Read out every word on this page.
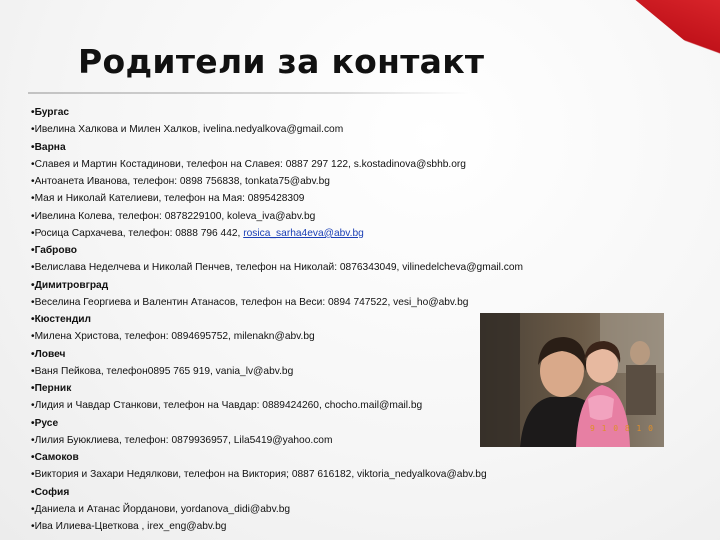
Родители за контакт
•Бургас
•Ивелина Халкова и Милен Халков, ivelina.nedyalkova@gmail.com
•Варна
•Славея и Мартин Костадинови, телефон на Славея: 0887 297 122, s.kostadinova@sbhb.org
•Антоанета Иванова, телефон: 0898 756838, tonkata75@abv.bg
•Мая и Николай Кателиеви, телефон на Мая: 0895428309
•Ивелина Колева, телефон: 0878229100, koleva_iva@abv.bg
•Росица Сархачева, телефон: 0888 796 442, rosica_sarha4eva@abv.bg
•Габрово
•Велислава Неделчева и Николай Пенчев, телефон на Николай: 0876343049, vilinedelcheva@gmail.com
•Димитровград
•Веселина Георгиева и Валентин Атанасов, телефон на Веси: 0894 747522, vesi_ho@abv.bg
•Кюстендил
•Милена Христова, телефон: 0894695752, milenakn@abv.bg
•Ловеч
•Ваня Пейкова, телефон0895 765 919, vania_lv@abv.bg
•Перник
•Лидия и Чавдар Станкови, телефон на Чавдар: 0889424260, chocho.mail@mail.bg
•Русе
•Лилия Буюклиева, телефон: 0879936957, Lila5419@yahoo.com
•Самоков
•Виктория и Захари Недялкови, телефон на Виктория; 0887 616182, viktoria_nedyalkova@abv.bg
•София
•Даниела и Атанас Йорданови, yordanova_didi@abv.bg
•Ива Илиева-Цветкова , irex_eng@abv.bg
9 1 0 8 1 0
